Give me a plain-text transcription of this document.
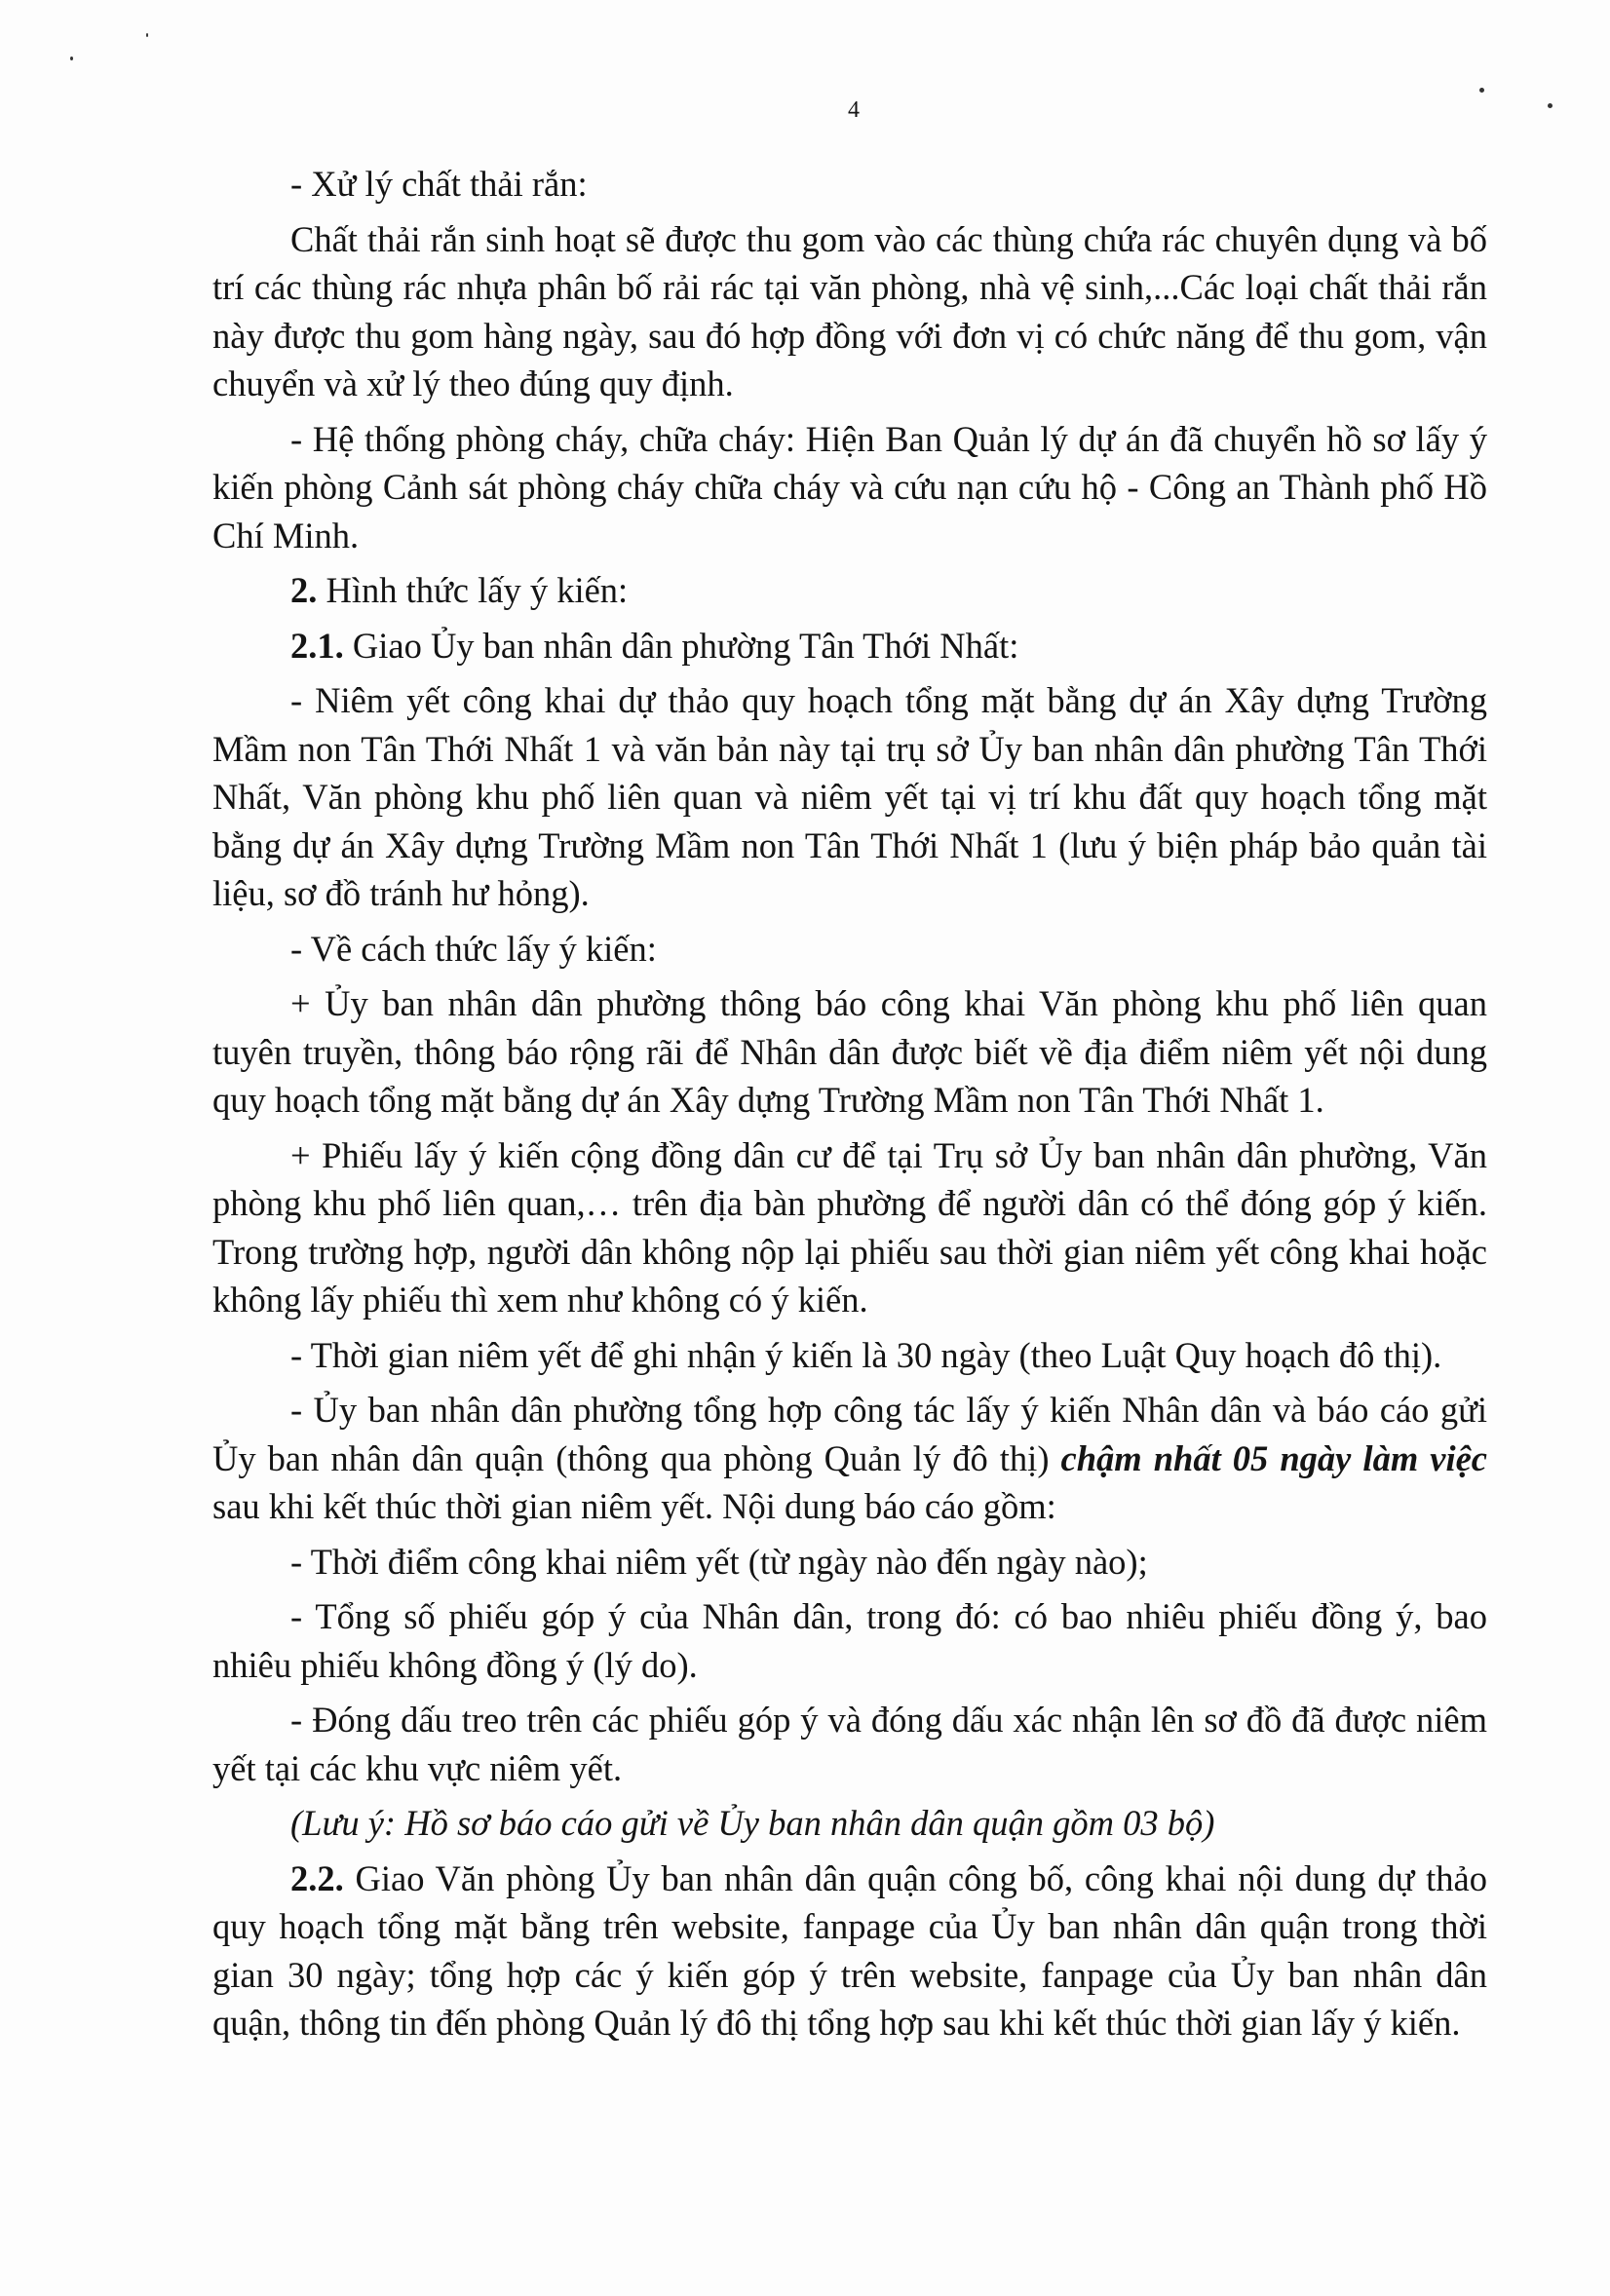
4

- Xử lý chất thải rắn:

Chất thải rắn sinh hoạt sẽ được thu gom vào các thùng chứa rác chuyên dụng và bố trí các thùng rác nhựa phân bố rải rác tại văn phòng, nhà vệ sinh,...Các loại chất thải rắn này được thu gom hàng ngày, sau đó hợp đồng với đơn vị có chức năng để thu gom, vận chuyển và xử lý theo đúng quy định.

- Hệ thống phòng cháy, chữa cháy: Hiện Ban Quản lý dự án đã chuyển hồ sơ lấy ý kiến phòng Cảnh sát phòng cháy chữa cháy và cứu nạn cứu hộ - Công an Thành phố Hồ Chí Minh.

2. Hình thức lấy ý kiến:

2.1. Giao Ủy ban nhân dân phường Tân Thới Nhất:

- Niêm yết công khai dự thảo quy hoạch tổng mặt bằng dự án Xây dựng Trường Mầm non Tân Thới Nhất 1 và văn bản này tại trụ sở Ủy ban nhân dân phường Tân Thới Nhất, Văn phòng khu phố liên quan và niêm yết tại vị trí khu đất quy hoạch tổng mặt bằng dự án Xây dựng Trường Mầm non Tân Thới Nhất 1 (lưu ý biện pháp bảo quản tài liệu, sơ đồ tránh hư hỏng).

- Về cách thức lấy ý kiến:

+ Ủy ban nhân dân phường thông báo công khai Văn phòng khu phố liên quan tuyên truyền, thông báo rộng rãi để Nhân dân được biết về địa điểm niêm yết nội dung quy hoạch tổng mặt bằng dự án Xây dựng Trường Mầm non Tân Thới Nhất 1.

+ Phiếu lấy ý kiến cộng đồng dân cư để tại Trụ sở Ủy ban nhân dân phường, Văn phòng khu phố liên quan,… trên địa bàn phường để người dân có thể đóng góp ý kiến. Trong trường hợp, người dân không nộp lại phiếu sau thời gian niêm yết công khai hoặc không lấy phiếu thì xem như không có ý kiến.

- Thời gian niêm yết để ghi nhận ý kiến là 30 ngày (theo Luật Quy hoạch đô thị).

- Ủy ban nhân dân phường tổng hợp công tác lấy ý kiến Nhân dân và báo cáo gửi Ủy ban nhân dân quận (thông qua phòng Quản lý đô thị) chậm nhất 05 ngày làm việc sau khi kết thúc thời gian niêm yết. Nội dung báo cáo gồm:

- Thời điểm công khai niêm yết (từ ngày nào đến ngày nào);

- Tổng số phiếu góp ý của Nhân dân, trong đó: có bao nhiêu phiếu đồng ý, bao nhiêu phiếu không đồng ý (lý do).

- Đóng dấu treo trên các phiếu góp ý và đóng dấu xác nhận lên sơ đồ đã được niêm yết tại các khu vực niêm yết.

(Lưu ý: Hồ sơ báo cáo gửi về Ủy ban nhân dân quận gồm 03 bộ)

2.2. Giao Văn phòng Ủy ban nhân dân quận công bố, công khai nội dung dự thảo quy hoạch tổng mặt bằng trên website, fanpage của Ủy ban nhân dân quận trong thời gian 30 ngày; tổng hợp các ý kiến góp ý trên website, fanpage của Ủy ban nhân dân quận, thông tin đến phòng Quản lý đô thị tổng hợp sau khi kết thúc thời gian lấy ý kiến.
